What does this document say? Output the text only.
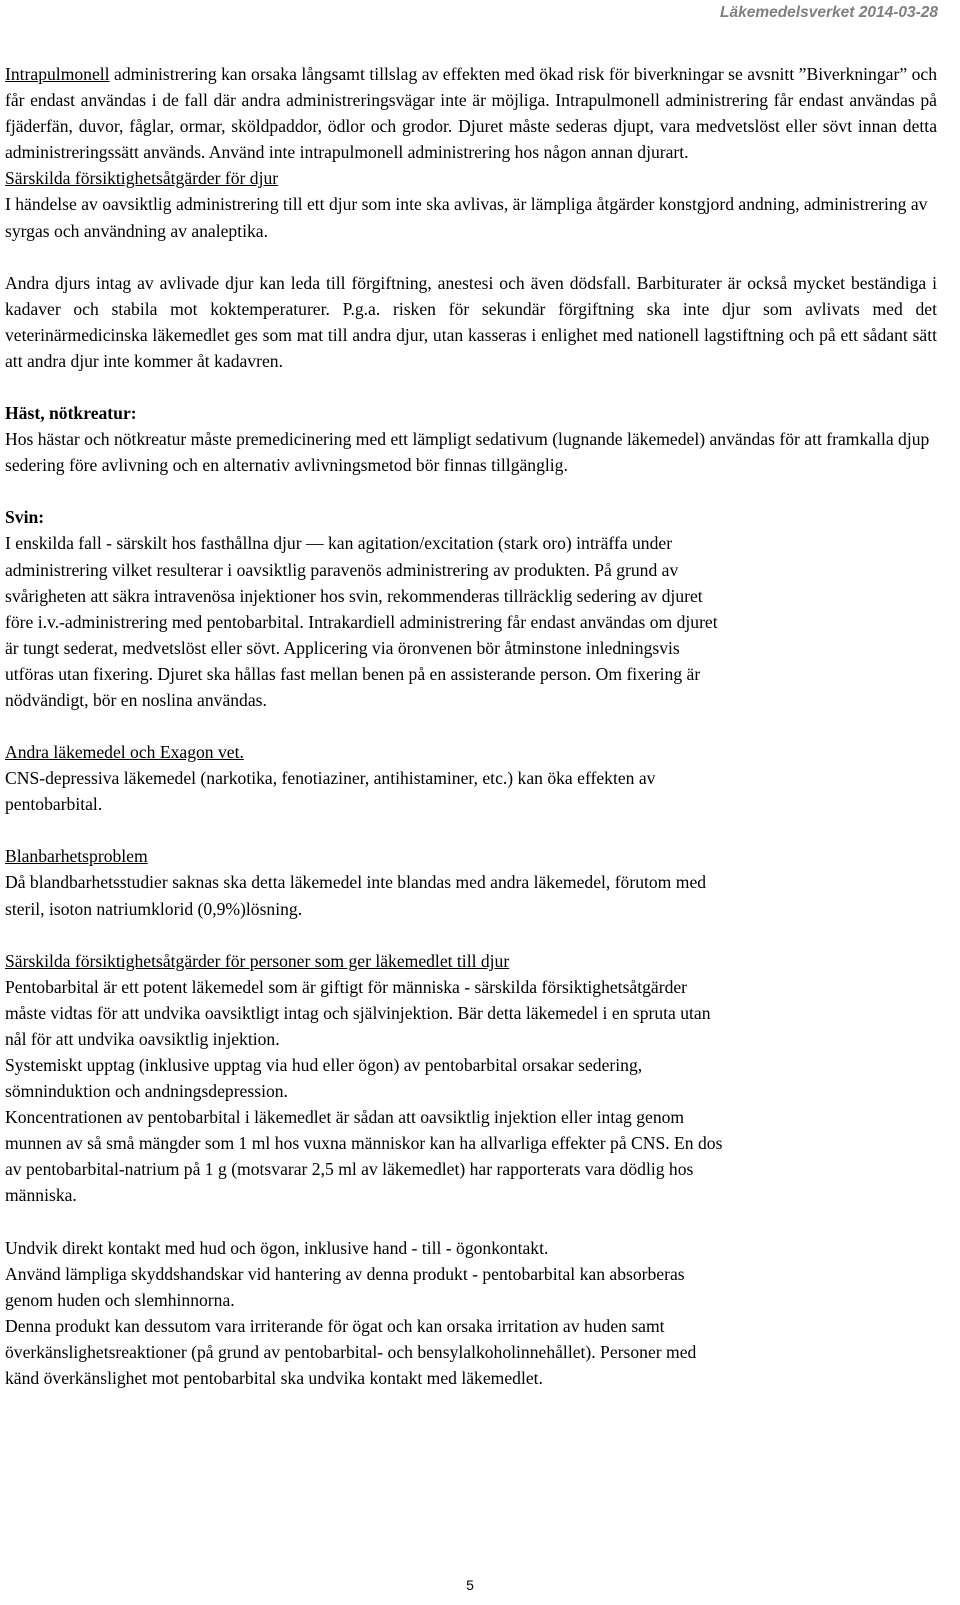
Läkemedelsverket 2014-03-28

Intrapulmonell administrering kan orsaka långsamt tillslag av effekten med ökad risk för biverkningar se avsnitt ”Biverkningar” och får endast användas i de fall där andra administreringsvägar inte är möjliga. Intrapulmonell administrering får endast användas på fjäderfän, duvor, fåglar, ormar, sköldpaddor, ödlor och grodor. Djuret måste sederas djupt, vara medvetslöst eller sövt innan detta administreringssätt används. Använd inte intrapulmonell administrering hos någon annan djurart.

Särskilda försiktighetsåtgärder för djur

I händelse av oavsiktlig administrering till ett djur som inte ska avlivas, är lämpliga åtgärder konstgjord andning, administrering av syrgas och användning av analeptika.

Andra djurs intag av avlivade djur kan leda till förgiftning, anestesi och även dödsfall. Barbiturater är också mycket beständiga i kadaver och stabila mot koktemperaturer. P.g.a. risken för sekundär förgiftning ska inte djur som avlivats med det veterinärmedicinska läkemedlet ges som mat till andra djur, utan kasseras i enlighet med nationell lagstiftning och på ett sådant sätt att andra djur inte kommer åt kadavren.

Häst, nötkreatur:

Hos hästar och nötkreatur måste premedicinering med ett lämpligt sedativum (lugnande läkemedel) användas för att framkalla djup sedering före avlivning och en alternativ avlivningsmetod bör finnas tillgänglig.

Svin:
I enskilda fall - särskilt hos fasthållna djur — kan agitation/excitation (stark oro) inträffa under
administrering vilket resulterar i oavsiktlig paravenös administrering av produkten. På grund av
svårigheten att säkra intravenösa injektioner hos svin, rekommenderas tillräcklig sedering av djuret
före i.v.-administrering med pentobarbital. Intrakardiell administrering får endast användas om djuret
är tungt sederat, medvetslöst eller sövt. Applicering via öronvenen bör åtminstone inledningsvis
utföras utan fixering. Djuret ska hållas fast mellan benen på en assisterande person. Om fixering är
nödvändigt, bör en noslina användas.

Andra läkemedel och Exagon vet.

CNS-depressiva läkemedel (narkotika, fenotiaziner, antihistaminer, etc.) kan öka effekten av
pentobarbital.

Blanbarhetsproblem

Då blandbarhetsstudier saknas ska detta läkemedel inte blandas med andra läkemedel, förutom med
steril, isoton natriumklorid (0,9%)lösning.

Särskilda försiktighetsåtgärder för personer som ger läkemedlet till djur

Pentobarbital är ett potent läkemedel som är giftigt för människa - särskilda försiktighetsåtgärder
måste vidtas för att undvika oavsiktligt intag och självinjektion. Bär detta läkemedel i en spruta utan
nål för att undvika oavsiktlig injektion.
Systemiskt upptag (inklusive upptag via hud eller ögon) av pentobarbital orsakar sedering,
sömninduktion och andningsdepression.
Koncentrationen av pentobarbital i läkemedlet är sådan att oavsiktlig injektion eller intag genom
munnen av så små mängder som 1 ml hos vuxna människor kan ha allvarliga effekter på CNS. En dos
av pentobarbital-natrium på 1 g (motsvarar 2,5 ml av läkemedlet) har rapporterats vara dödlig hos
människa.
Undvik direkt kontakt med hud och ögon, inklusive hand - till - ögonkontakt.
Använd lämpliga skyddshandskar vid hantering av denna produkt - pentobarbital kan absorberas
genom huden och slemhinnorna.
Denna produkt kan dessutom vara irriterande för ögat och kan orsaka irritation av huden samt
överkänslighetsreaktioner (på grund av pentobarbital- och bensylalkoholinnehållet). Personer med
känd överkänslighet mot pentobarbital ska undvika kontakt med läkemedlet.
5
